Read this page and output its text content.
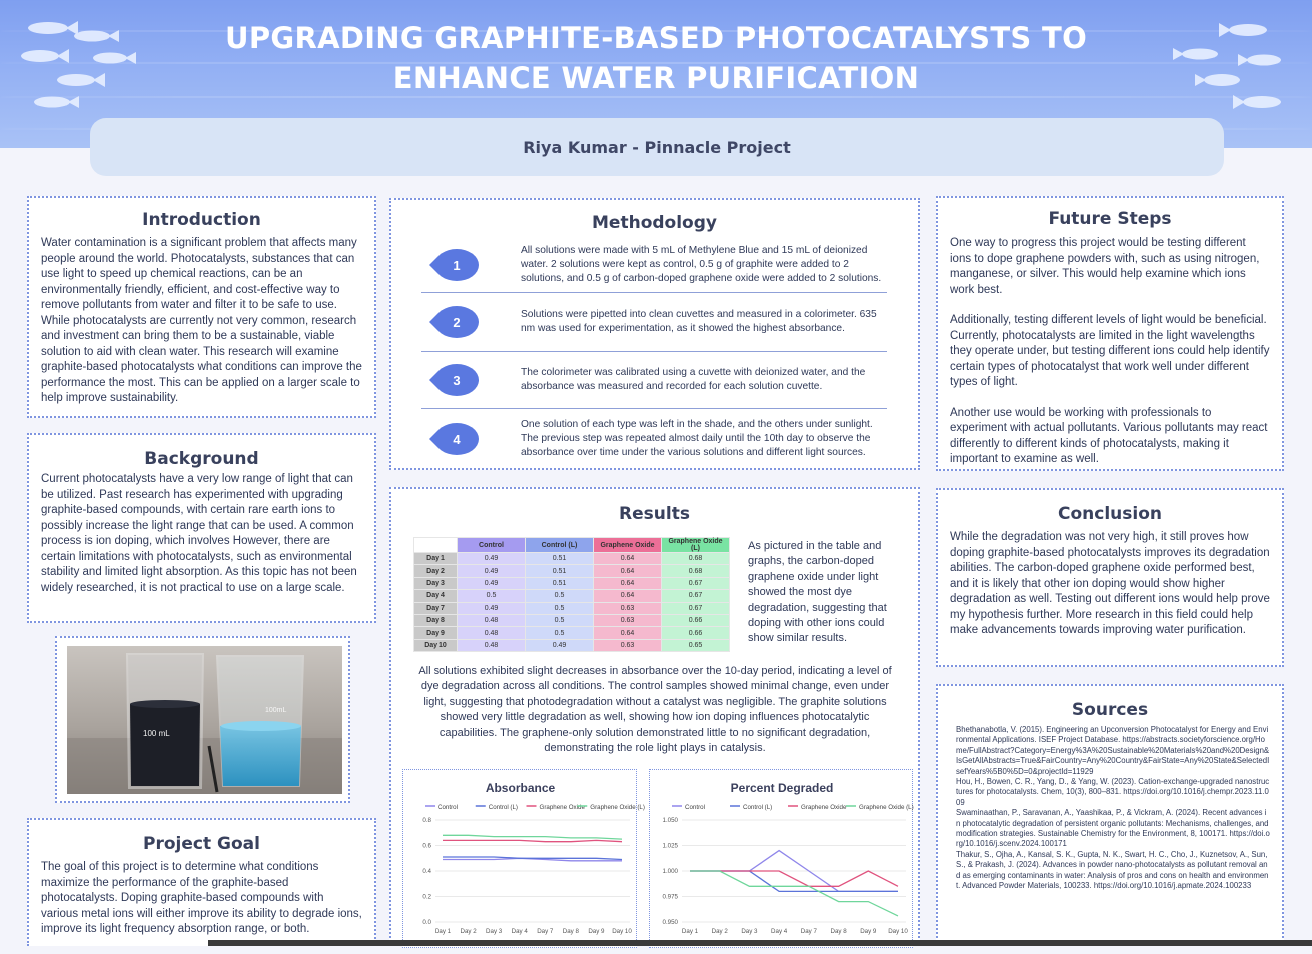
UPGRADING GRAPHITE-BASED PHOTOCATALYSTS TO
ENHANCE WATER PURIFICATION
Riya Kumar - Pinnacle Project
Introduction

Water contamination is a significant problem that affects many people around the world. Photocatalysts, substances that can use light to speed up chemical reactions, can be an environmentally friendly, efficient, and cost-effective way to remove pollutants from water and filter it to be safe to use. While photocatalysts are currently not very common, research and investment can bring them to be a sustainable, viable solution to aid with clean water. This research will examine graphite-based photocatalysts what conditions can improve the performance the most. This can be applied on a larger scale to help improve sustainability.

Background

Current photocatalysts have a very low range of light that can be utilized. Past research has experimented with upgrading graphite-based compounds, with certain rare earth ions to possibly increase the light range that can be used. A common process is ion doping, which involves However, there are certain limitations with photocatalysts, such as environmental stability and limited light absorption. As this topic has not been widely researched, it is not practical to use on a large scale.

100 mL
100mL
Project Goal

The goal of this project is to determine what conditions maximize the performance of the graphite-based photocatalysts. Doping graphite-based compounds with various metal ions will either improve its ability to degrade ions, improve its light frequency absorption range, or both.

Methodology
1
All solutions were made with 5 mL of Methylene Blue and 15 mL of deionized water. 2 solutions were kept as control, 0.5 g of graphite were added to 2 solutions, and 0.5 g of carbon-doped graphene oxide were added to 2 solutions.
2
Solutions were pipetted into clean cuvettes and measured in a colorimeter. 635 nm was used for experimentation, as it showed the highest absorbance.
3
The colorimeter was calibrated using a cuvette with deionized water, and the absorbance was measured and recorded for each solution cuvette.
4
One solution of each type was left in the shade, and the others under sunlight. The previous step was repeated almost daily until the 10th day to observe the absorbance over time under the various solutions and different light sources.
Results
	Control	Control (L)	Graphene Oxide	Graphene Oxide (L)
Day 1	0.49	0.51	0.64	0.68
Day 2	0.49	0.51	0.64	0.68
Day 3	0.49	0.51	0.64	0.67
Day 4	0.5	0.5	0.64	0.67
Day 7	0.49	0.5	0.63	0.67
Day 8	0.48	0.5	0.63	0.66
Day 9	0.48	0.5	0.64	0.66
Day 10	0.48	0.49	0.63	0.65

As pictured in the table and graphs, the carbon-doped graphene oxide under light showed the most dye degradation, suggesting that doping with other ions could show similar results.

All solutions exhibited slight decreases in absorbance over the 10-day period, indicating a level of dye degradation across all conditions. The control samples showed minimal change, even under light, suggesting that photodegradation without a catalyst was negligible. The graphite solutions showed very little degradation as well, showing how ion doping influences photocatalytic capabilities. The graphene-only solution demonstrated little to no significant degradation, demonstrating the role light plays in catalysis.

Absorbance
Control	Control (L)	Graphene Oxide Graphene Oxide (L)
0.0
0.2
0.4
0.6
0.8
Day 1 Day 2 Day 3 Day 4 Day 7 Day 8 Day 9 Day 10
Percent Degraded
Control	Control (L)	Graphene Oxide Graphene Oxide (L)
0.950
0.975
1.000
1.025
1.050
Day 1 Day 2 Day 3 Day 4 Day 7 Day 8 Day 9 Day 10
Future Steps

One way to progress this project would be testing different ions to dope graphene powders with, such as using nitrogen, manganese, or silver. This would help examine which ions work best.

Additionally, testing different levels of light would be beneficial. Currently, photocatalysts are limited in the light wavelengths they operate under, but testing different ions could help identify certain types of photocatalyst that work well under different types of light.

Another use would be working with professionals to experiment with actual pollutants. Various pollutants may react differently to different kinds of photocatalysts, making it important to examine as well.

Conclusion

While the degradation was not very high, it still proves how doping graphite-based photocatalysts improves its degradation abilities. The carbon-doped graphene oxide performed best, and it is likely that other ion doping would show higher degradation as well. Testing out different ions would help prove my hypothesis further. More research in this field could help make advancements towards improving water purification.

Sources
Bhethanabotla, V. (2015). Engineering an Upconversion Photocatalyst for Energy and Environmental Applications. ISEF Project Database. https://abstracts.societyforscience.org/Home/FullAbstract?Category=Energy%3A%20Sustainable%20Materials%20and%20Design&IsGetAllAbstracts=True&FairCountry=Any%20Country&FairState=Any%20State&SelectedIsefYears%5B0%5D=0&projectId=11929
Hou, H., Bowen, C. R., Yang, D., & Yang, W. (2023). Cation-exchange-upgraded nanostructures for photocatalysts. Chem, 10(3), 800–831. https://doi.org/10.1016/j.chempr.2023.11.009
Swaminaathan, P., Saravanan, A., Yaashikaa, P., & Vickram, A. (2024). Recent advances in photocatalytic degradation of persistent organic pollutants: Mechanisms, challenges, and modification strategies. Sustainable Chemistry for the Environment, 8, 100171. https://doi.org/10.1016/j.scenv.2024.100171
Thakur, S., Ojha, A., Kansal, S. K., Gupta, N. K., Swart, H. C., Cho, J., Kuznetsov, A., Sun, S., & Prakash, J. (2024). Advances in powder nano-photocatalysts as pollutant removal and as emerging contaminants in water: Analysis of pros and cons on health and environment. Advanced Powder Materials, 100233. https://doi.org/10.1016/j.apmate.2024.100233
